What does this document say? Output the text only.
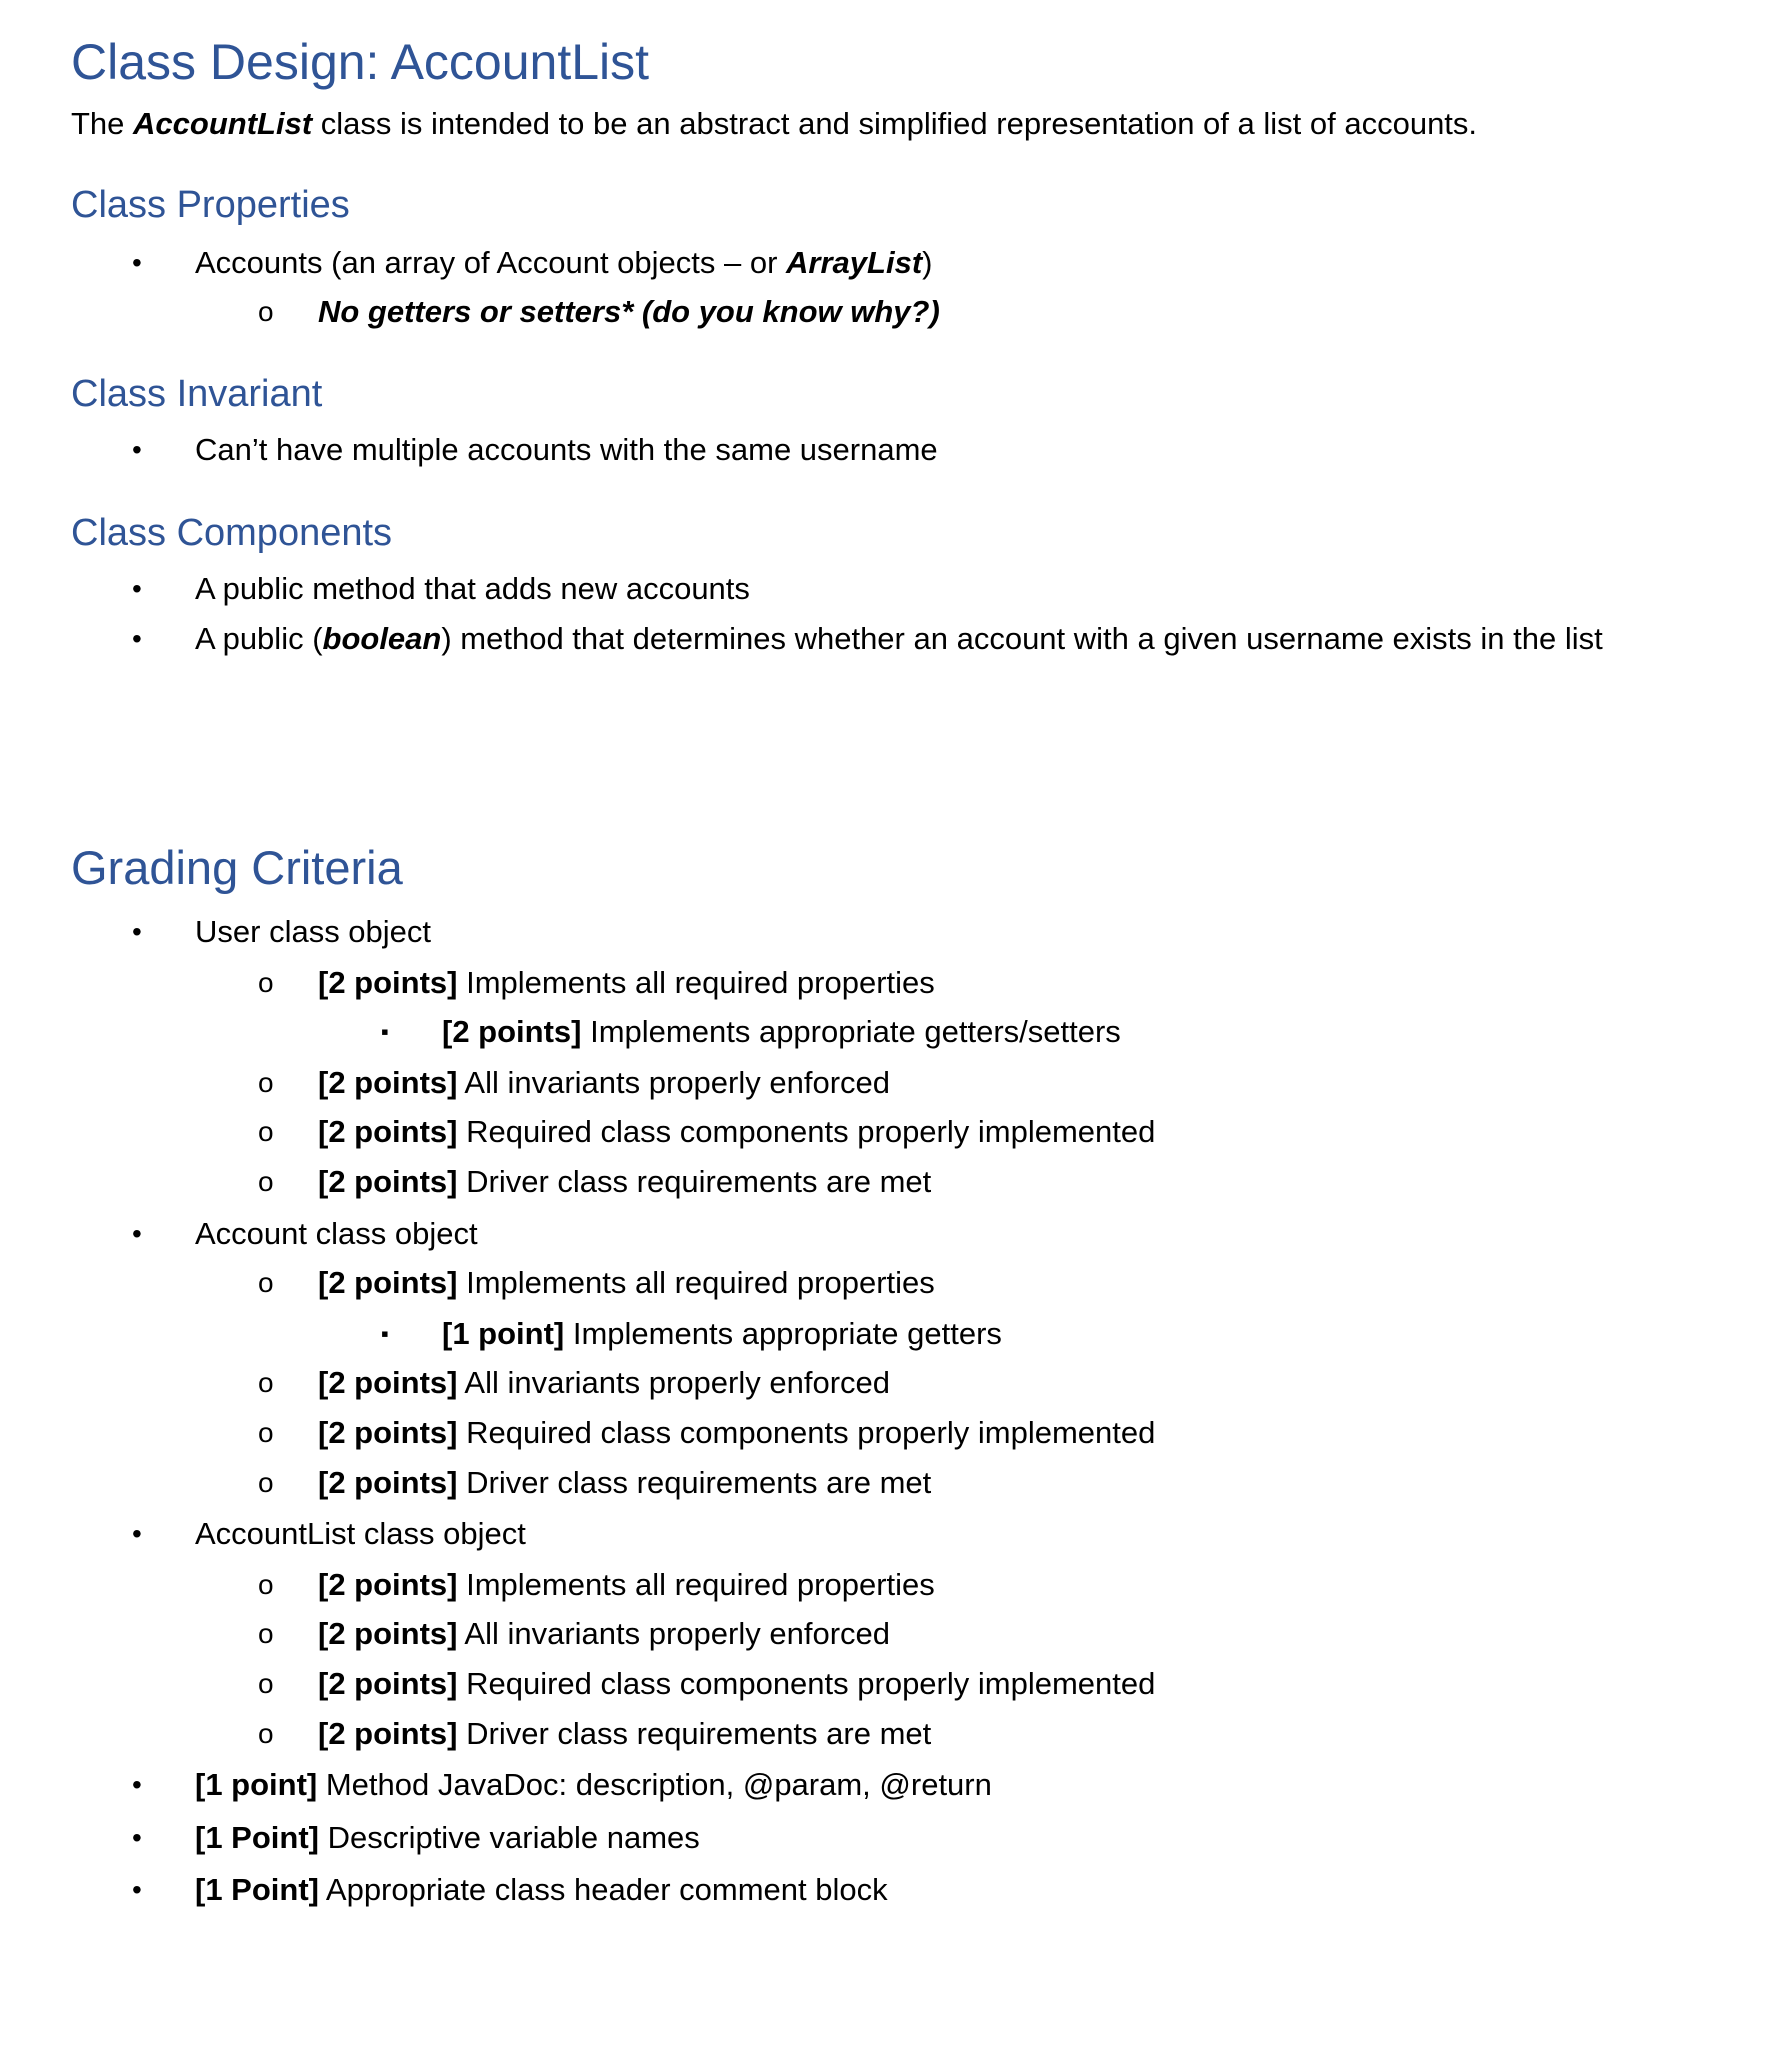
Class Design: AccountList
The AccountList class is intended to be an abstract and simplified representation of a list of accounts.
Class Properties
• Accounts (an array of Account objects – or ArrayList)
o No getters or setters* (do you know why?)
Class Invariant
• Can’t have multiple accounts with the same username
Class Components
• A public method that adds new accounts
• A public (boolean) method that determines whether an account with a given username exists in the list
Grading Criteria
• User class object
o [2 points] Implements all required properties
▪ [2 points] Implements appropriate getters/setters
o [2 points] All invariants properly enforced
o [2 points] Required class components properly implemented
o [2 points] Driver class requirements are met
• Account class object
o [2 points] Implements all required properties
▪ [1 point] Implements appropriate getters
o [2 points] All invariants properly enforced
o [2 points] Required class components properly implemented
o [2 points] Driver class requirements are met
• AccountList class object
o [2 points] Implements all required properties
o [2 points] All invariants properly enforced
o [2 points] Required class components properly implemented
o [2 points] Driver class requirements are met
• [1 point] Method JavaDoc: description, @param, @return
• [1 Point] Descriptive variable names
• [1 Point] Appropriate class header comment block
